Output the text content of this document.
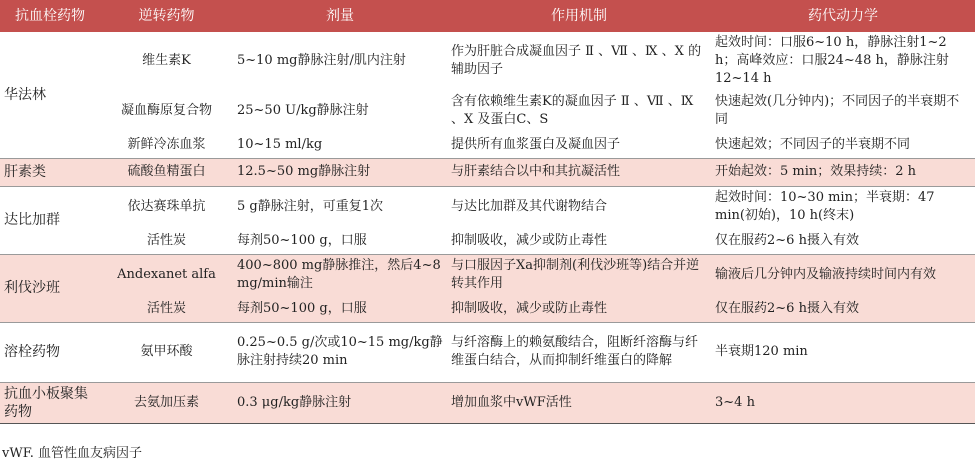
抗血栓药物	逆转药物	剂量	作用机制	药代动力学
华法林	维生素K	5~10 mg静脉注射/肌内注射	作为肝脏合成凝血因子 Ⅱ 、Ⅶ 、Ⅸ 、Ⅹ 的辅助因子	起效时间：口服6~10 h，静脉注射1~2 h；高峰效应：口服24~48 h，静脉注射12~14 h
	凝血酶原复合物	25~50 U/kg静脉注射	含有依赖维生素K的凝血因子 Ⅱ 、Ⅶ 、Ⅸ 、Ⅹ 及蛋白C、S	快速起效(几分钟内)；不同因子的半衰期不同
	新鲜冷冻血浆	10~15 ml/kg	提供所有血浆蛋白及凝血因子	快速起效；不同因子的半衰期不同
肝素类	硫酸鱼精蛋白	12.5~50 mg静脉注射	与肝素结合以中和其抗凝活性	开始起效：5 min；效果持续：2 h
达比加群	依达赛珠单抗	5 g静脉注射，可重复1次	与达比加群及其代谢物结合	起效时间：10~30 min；半衰期：47 min(初始)，10 h(终末)
	活性炭	每剂50~100 g，口服	抑制吸收，减少或防止毒性	仅在服药2~6 h摄入有效
利伐沙班	Andexanet alfa	400~800 mg静脉推注，然后4~8 mg/min输注	与口服因子Ⅹa抑制剂(利伐沙班等)结合并逆转其作用	输液后几分钟内及输液持续时间内有效
	活性炭	每剂50~100 g，口服	抑制吸收，减少或防止毒性	仅在服药2~6 h摄入有效
溶栓药物	氨甲环酸	0.25~0.5 g/次或10~15 mg/kg静脉注射持续20 min	与纤溶酶上的赖氨酸结合，阻断纤溶酶与纤维蛋白结合，从而抑制纤维蛋白的降解	半衰期120 min
抗血小板聚集药物	去氨加压素	0.3 μg/kg静脉注射	增加血浆中vWF活性	3~4 h
vWF. 血管性血友病因子
